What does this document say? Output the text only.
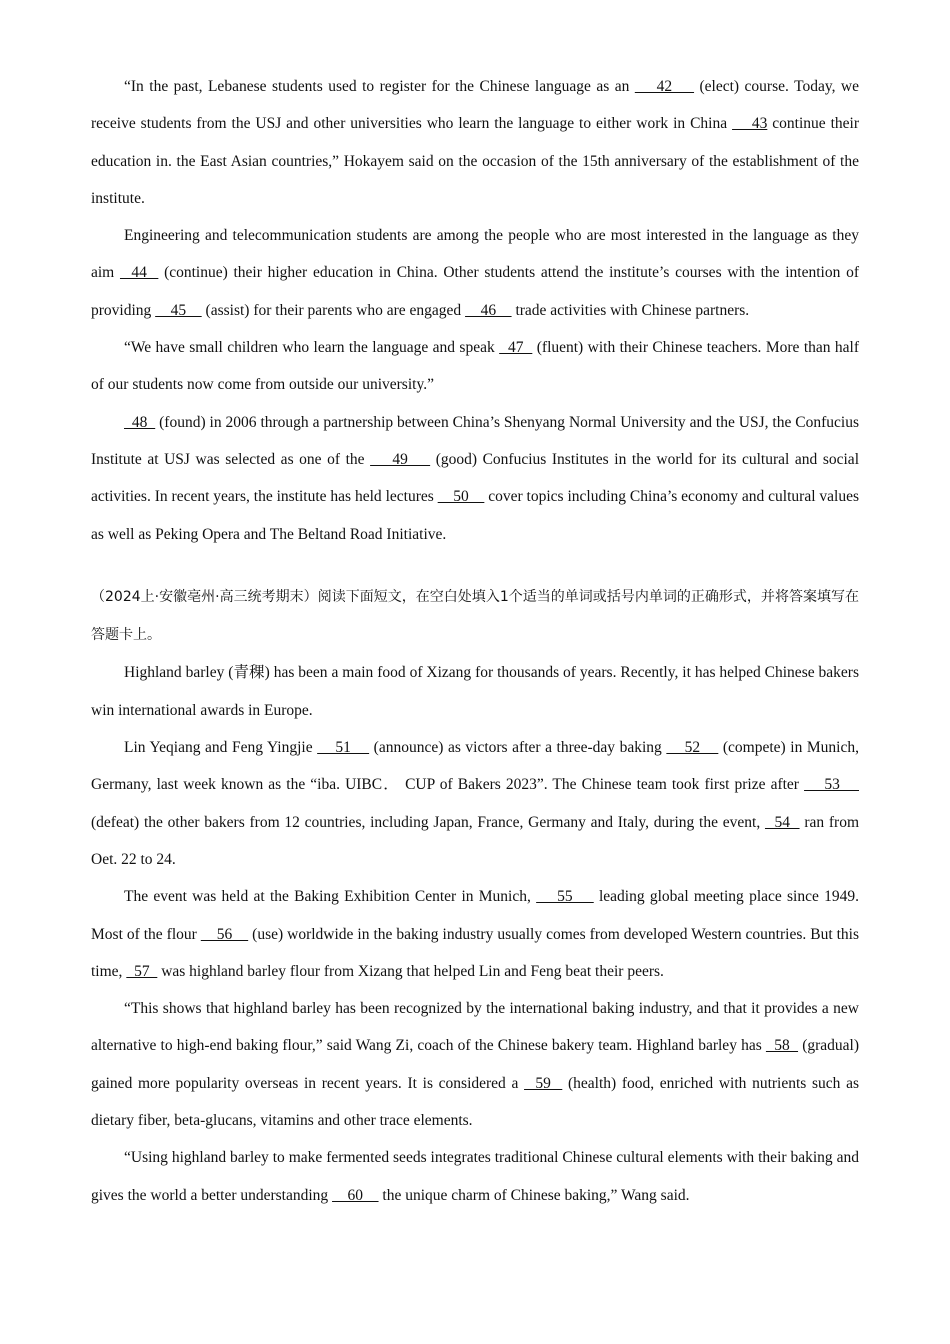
“In the past, Lebanese students used to register for the Chinese language as an     42     (elect) course. Today, we receive students from the USJ and other universities who learn the language to either work in China     43 continue their education in. the East Asian countries,” Hokayem said on the occasion of the 15th anniversary of the establishment of the institute.

Engineering and telecommunication students are among the people who are most interested in the language as they aim   44   (continue) their higher education in China. Other students attend the institute’s courses with the intention of providing     45     (assist) for their parents who are engaged     46     trade activities with Chinese partners.

“We have small children who learn the language and speak   47   (fluent) with their Chinese teachers. More than half of our students now come from outside our university.”

48   (found) in 2006 through a partnership between China’s Shenyang Normal University and the USJ, the Confucius Institute at USJ was selected as one of the     49     (good) Confucius Institutes in the world for its cultural and social activities. In recent years, the institute has held lectures     50     cover topics including China’s economy and cultural values as well as Peking Opera and The Beltand Road Initiative.

（2024上·安徽亳州·高三统考期末）阅读下面短文，在空白处填入1个适当的单词或括号内单词的正确形式，并将答案填写在答题卡上。

Highland barley (青稞) has been a main food of Xizang for thousands of years. Recently, it has helped Chinese bakers win international awards in Europe.

Lin Yeqiang and Feng Yingjie     51     (announce) as victors after a three-day baking     52     (compete) in Munich, Germany, last week known as the “iba. UIBC． CUP of Bakers 2023”. The Chinese team took first prize after     53     (defeat) the other bakers from 12 countries, including Japan, France, Germany and Italy, during the event,   54   ran from Oet. 22 to 24.

The event was held at the Baking Exhibition Center in Munich,     55     leading global meeting place since 1949. Most of the flour     56     (use) worldwide in the baking industry usually comes from developed Western countries. But this time,   57   was highland barley flour from Xizang that helped Lin and Feng beat their peers.

“This shows that highland barley has been recognized by the international baking industry, and that it provides a new alternative to high-end baking flour,” said Wang Zi, coach of the Chinese bakery team. Highland barley has   58   (gradual) gained more popularity overseas in recent years. It is considered a   59   (health) food, enriched with nutrients such as dietary fiber, beta-glucans, vitamins and other trace elements.

“Using highland barley to make fermented seeds integrates traditional Chinese cultural elements with their baking and gives the world a better understanding     60     the unique charm of Chinese baking,” Wang said.
